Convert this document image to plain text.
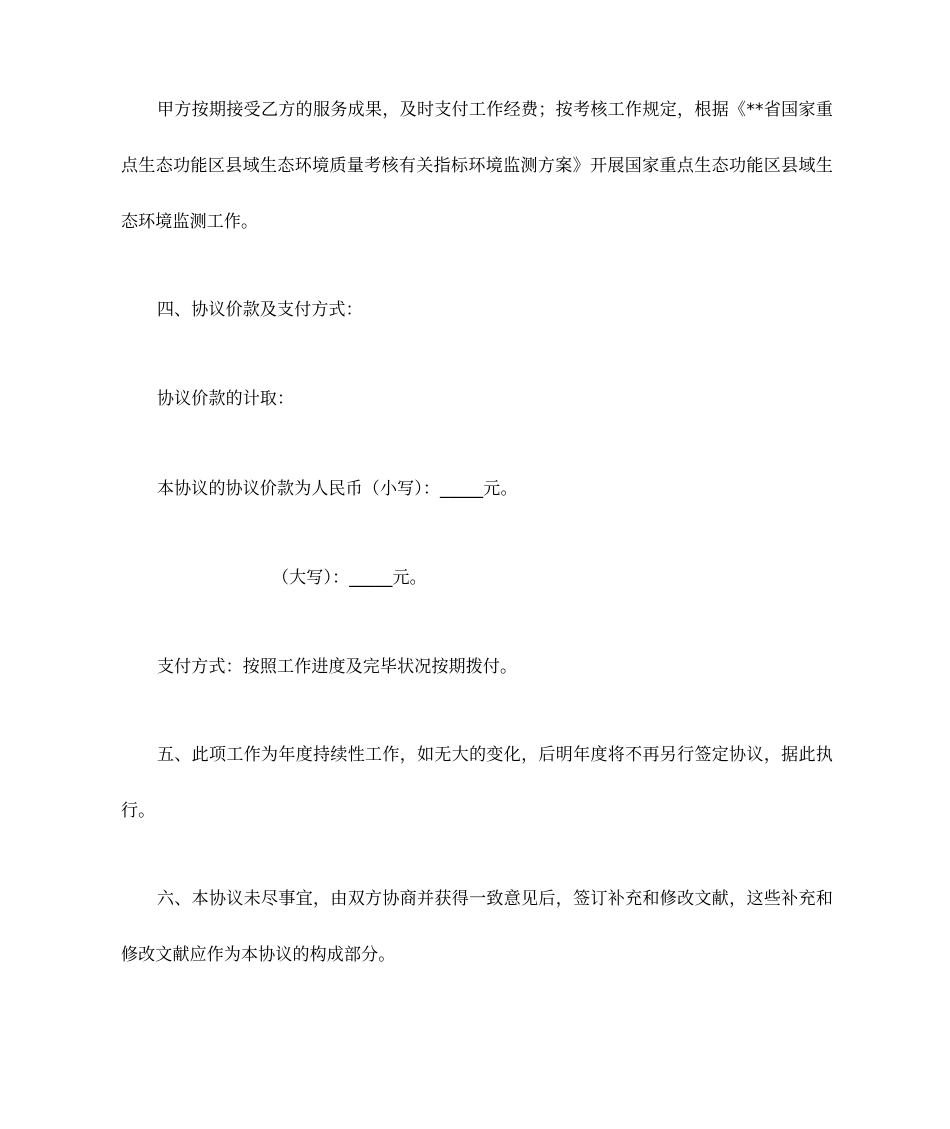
甲方按期接受乙方的服务成果，及时支付工作经费；按考核工作规定，根据《**省国家重点生态功能区县域生态环境质量考核有关指标环境监测方案》开展国家重点生态功能区县域生态环境监测工作。
四、协议价款及支付方式：
协议价款的计取：
本协议的协议价款为人民币（小写）：_____元。
（大写）：_____元。
支付方式：按照工作进度及完毕状况按期拨付。
五、此项工作为年度持续性工作，如无大的变化，后明年度将不再另行签定协议，据此执行。
六、本协议未尽事宜，由双方协商并获得一致意见后，签订补充和修改文献，这些补充和修改文献应作为本协议的构成部分。
